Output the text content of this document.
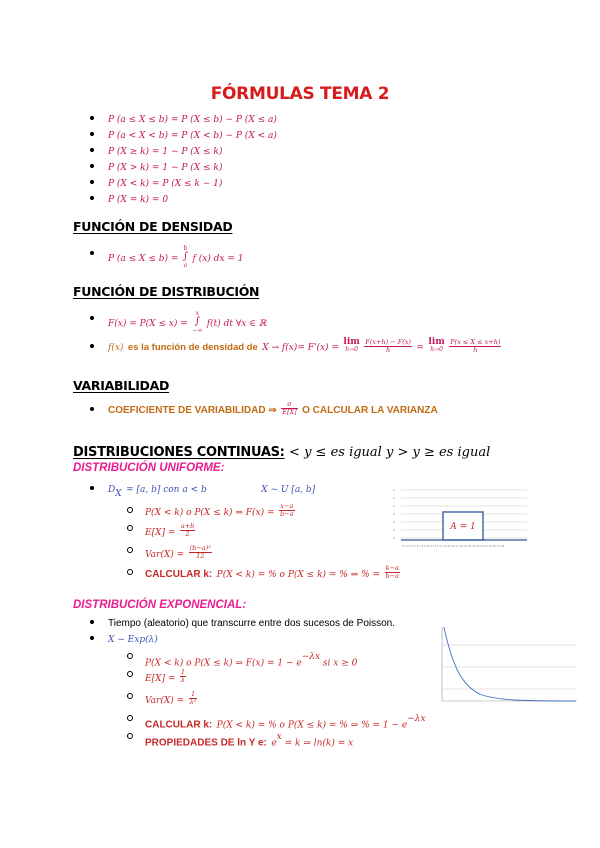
FÓRMULAS TEMA 2
P (a ≤ X ≤ b) = P (X ≤ b) − P (X ≤ a)
P (a < X < b) = P (X < b) − P (X < a)
P (X ≥ k) = 1 − P (X ≤ k)
P (X > k) = 1 − P (X ≤ k)
P (X < k) = P (X ≤ k − 1)
P (X = k) = 0
FUNCIÓN DE DENSIDAD
P (a ≤ X ≤ b) = b
∫
a f (x) dx = 1
FUNCIÓN DE DISTRIBUCIÓN
F(x) = P(X ≤ x) = x
∫
−∞ f(t) dt ∀x ∈ ℝ
f(x) es la función de densidad de X → f(x)= F'(x) =
lim
h→0
$\frac{F(x+h) - F(x)}{h}$ =
lim
h→0
$\frac{P(x \le X \le x+h)}{h}$
VARIABILIDAD
COEFICIENTE DE VARIABILIDAD ⇒ $\frac{\sigma}{E[X]}$ O CALCULAR LA VARIANZA
DISTRIBUCIONES CONTINUAS: < y ≤ es igual y > y ≥ es igual
DISTRIBUCIÓN UNIFORME:
$D_X = [a$, b] con a < b	X ~ U [a, b]
P(X < k) o P(X ≤ k) ⇒ $F(x) = \frac{x-a}{b-a}$
$E[X] = \frac{a+b}{2}$
$Var(X) = \frac{\text{(b−a)²}}{12}$
CALCULAR k: P(X < k) = % o P(X ≤ k) = % ⇒ % = $\frac{k-a}{b-a}$
1
1
1
0
0
0
0
A = 1
0 1 2 3 4 5 6 7 8 9 10 11 12 13 14 15 16 17 18 19 20 21 22 23 24 25 26 27 28
DISTRIBUCIÓN EXPONENCIAL:
Tiempo (aleatorio) que transcurre entre dos sucesos de Poisson.
X ~ Exp(λ)
P(X < k) o P(X ≤ k) ⇒ $F(x) = 1 - e^{-\lambda x}$ si x ≥ 0
$E[X] = \frac{1}{\lambda}$
$Var(X) = \frac{1}{\text{λ²}}$
CALCULAR k: P(X < k) = % o P(X ≤ k) = % ⇒ % = $1 - e^{-\lambda x}$
PROPIEDADES DE ln Y e: $e^x = k$ ⇒ ln(k) = x
·
·
·
